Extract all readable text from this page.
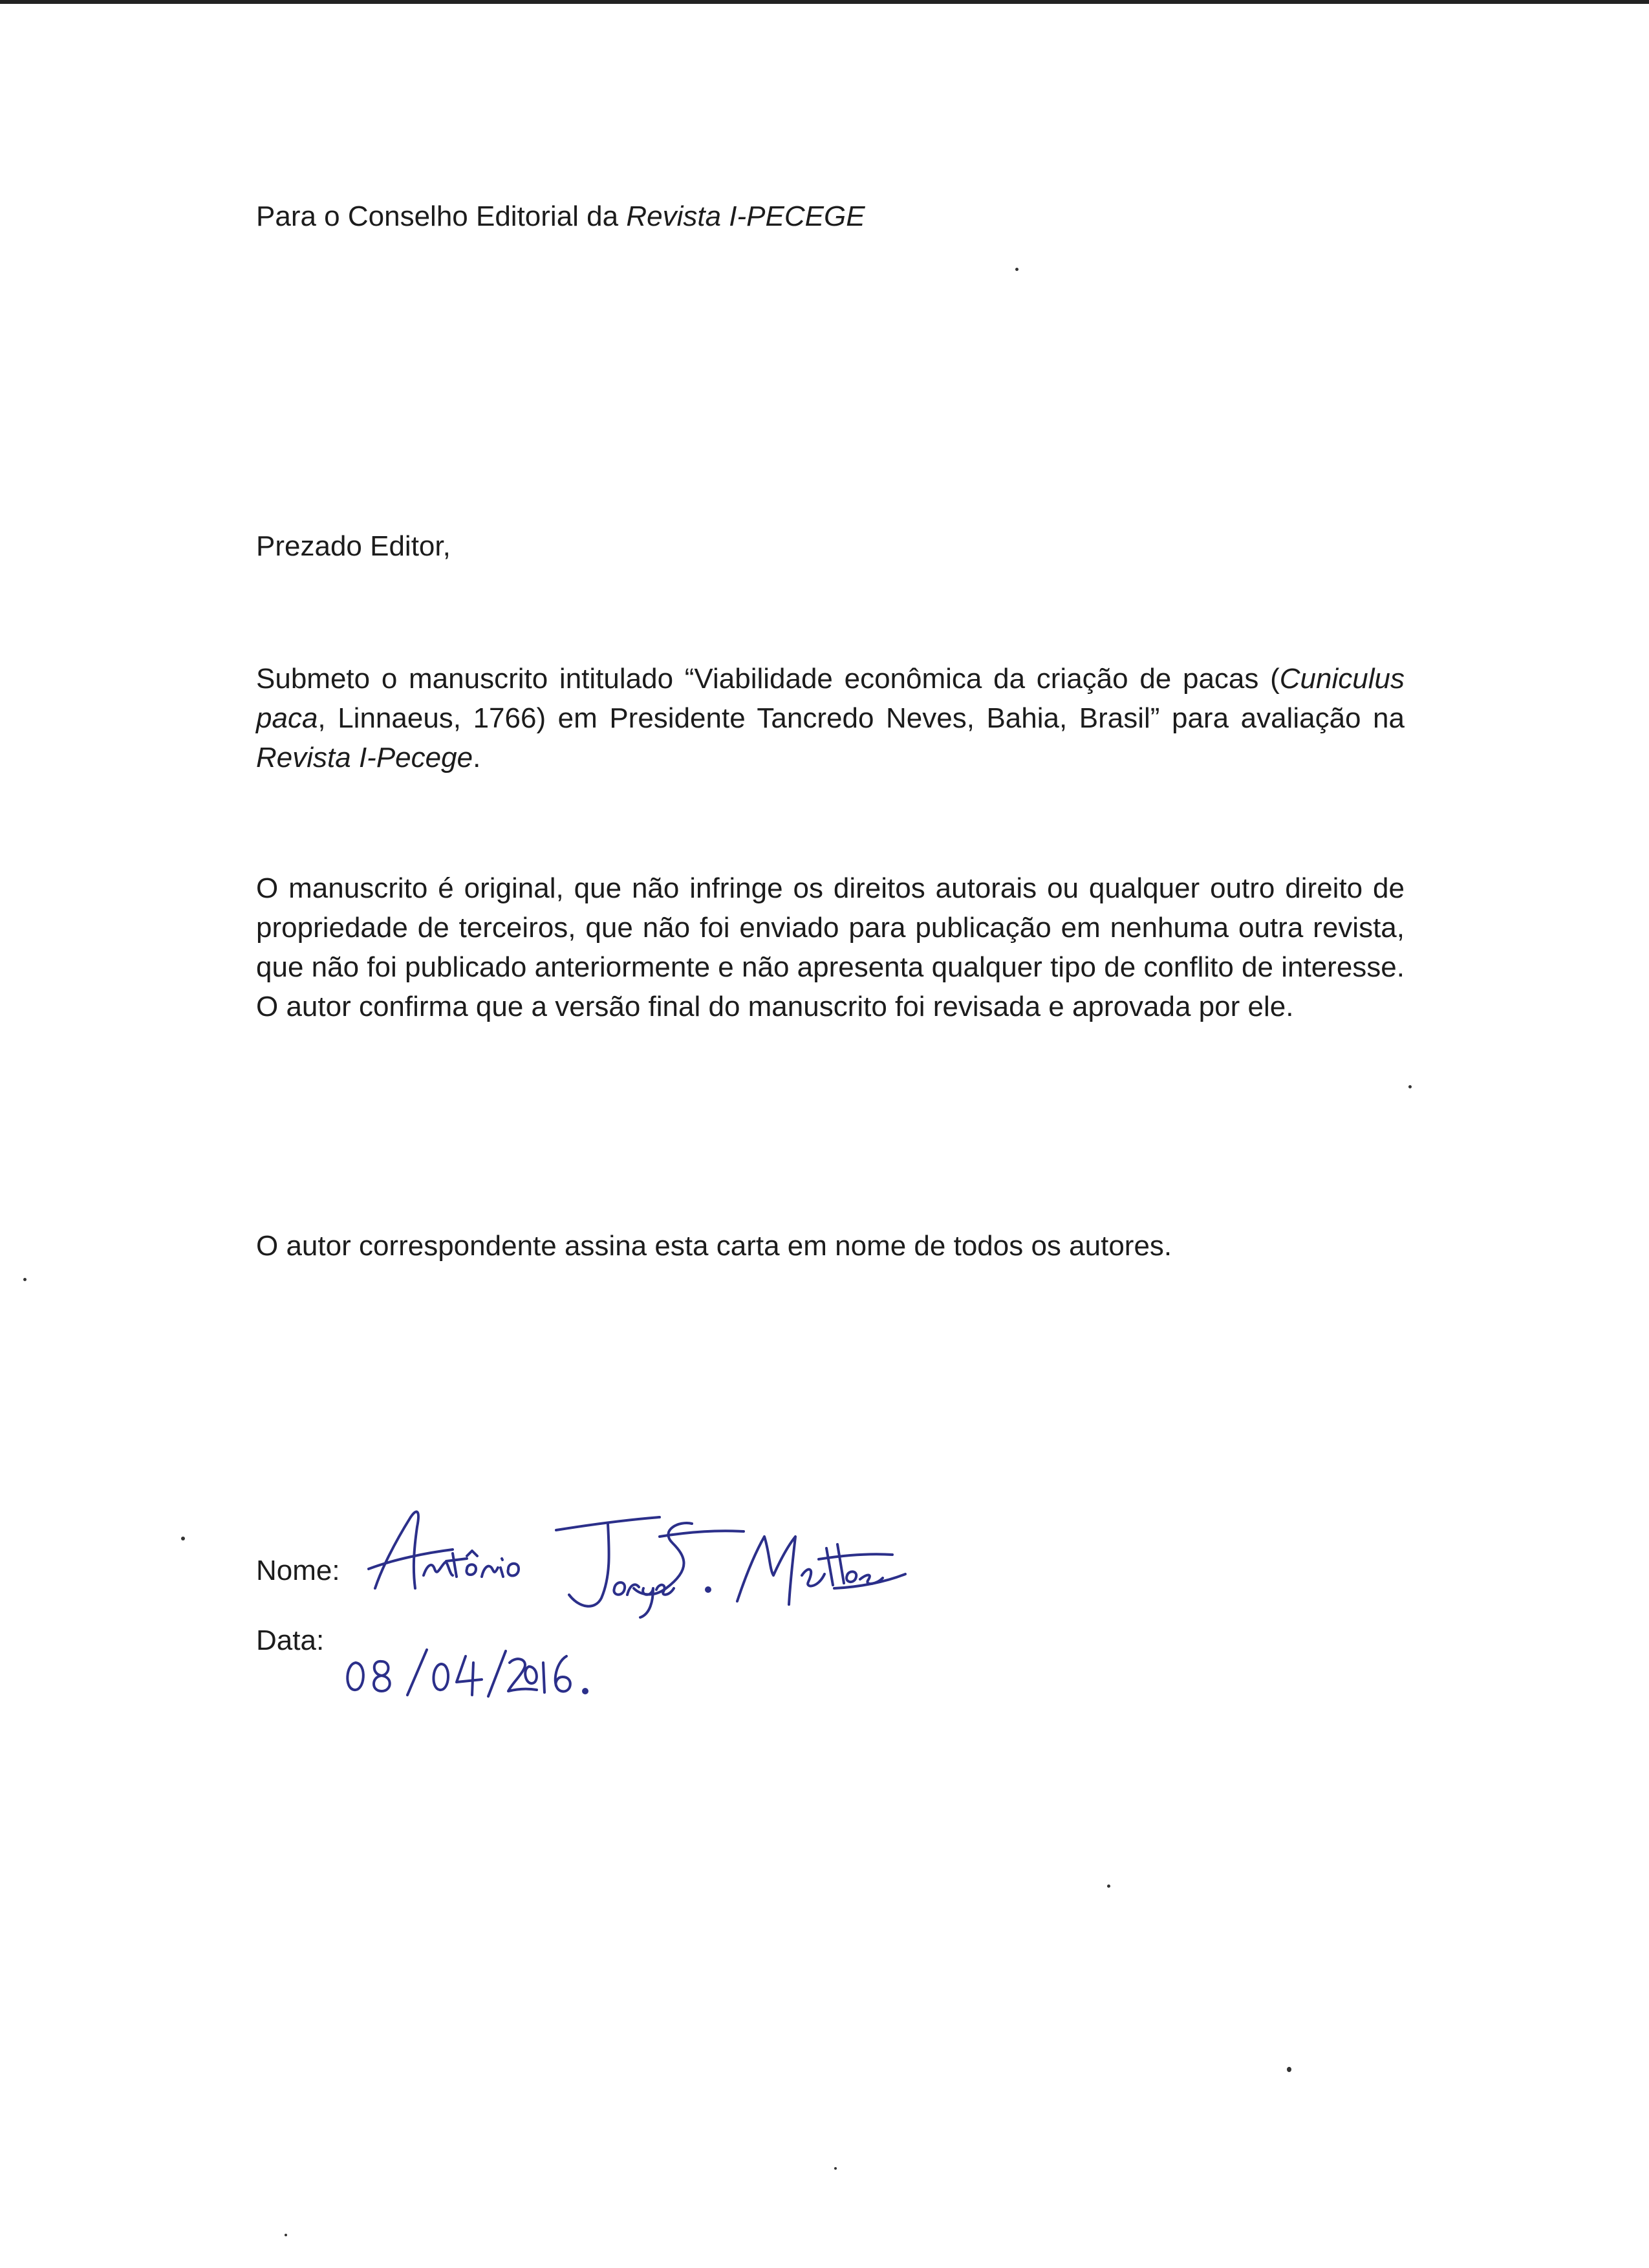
Para o Conselho Editorial da Revista I-PECEGE
Prezado Editor,
Submeto o manuscrito intitulado “Viabilidade econômica da criação de pacas (Cuniculus paca, Linnaeus, 1766) em Presidente Tancredo Neves, Bahia, Brasil” para avaliação na Revista I-Pecege.
O manuscrito é original, que não infringe os direitos autorais ou qualquer outro direito de propriedade de terceiros, que não foi enviado para publicação em nenhuma outra revista, que não foi publicado anteriormente e não apresenta qualquer tipo de conflito de interesse. O autor confirma que a versão final do manuscrito foi revisada e aprovada por ele.
O autor correspondente assina esta carta em nome de todos os autores.
Nome:
Data:
